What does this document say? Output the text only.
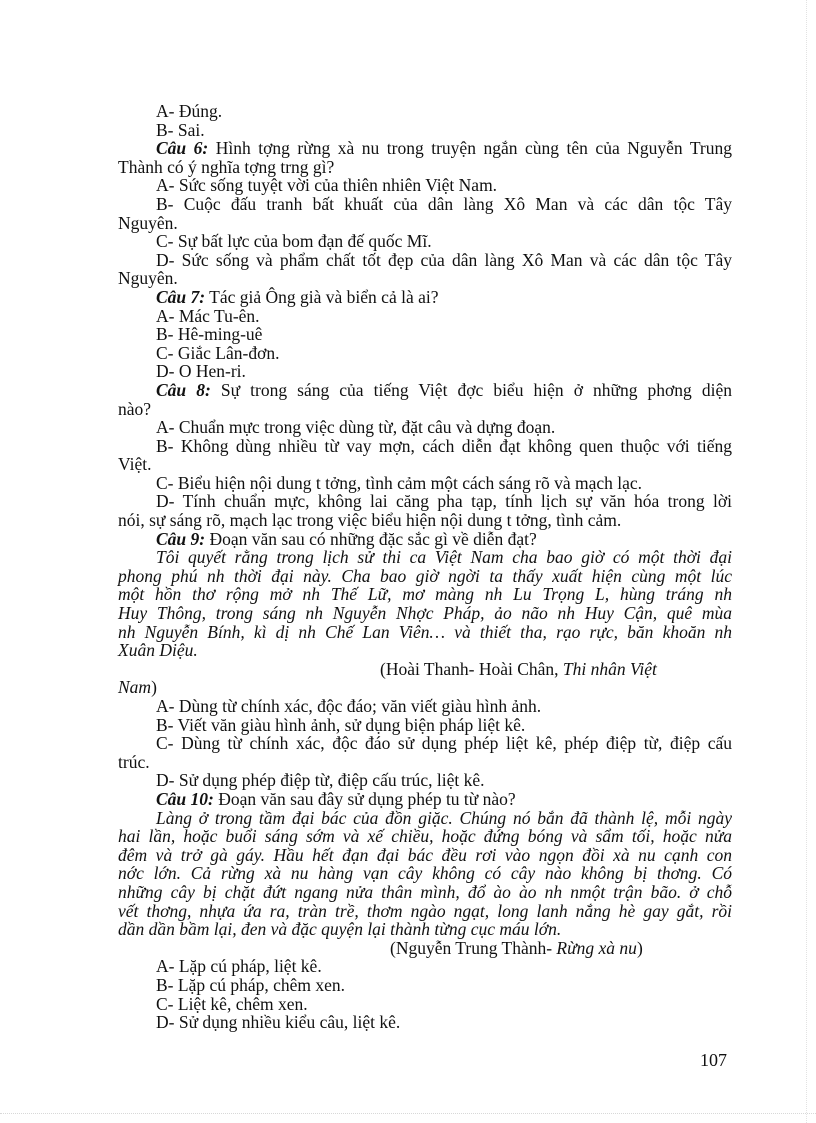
A- Đúng.
B- Sai.
Câu 6: Hình tợng rừng xà nu trong truyện ngắn cùng tên của Nguyễn Trung
Thành có ý nghĩa tợng trng gì?
A- Sức sống tuyệt vời của thiên nhiên Việt Nam.
B- Cuộc đấu tranh bất khuất của dân làng Xô Man và các dân tộc Tây
Nguyên.
C- Sự bất lực của bom đạn đế quốc Mĩ.
D- Sức sống và phẩm chất tốt đẹp của dân làng Xô Man và các dân tộc Tây
Nguyên.
Câu 7: Tác giả Ông già và biển cả là ai?
A- Mác Tu-ên.
B- Hê-ming-uê
C- Giắc Lân-đơn.
D- O Hen-ri.
Câu 8: Sự trong sáng của tiếng Việt đợc biểu hiện ở những phơng diện
nào?
A- Chuẩn mực trong việc dùng từ, đặt câu và dựng đoạn.
B- Không dùng nhiều từ vay mợn, cách diễn đạt không quen thuộc với tiếng
Việt.
C- Biểu hiện nội dung t tởng, tình cảm một cách sáng rõ và mạch lạc.
D- Tính chuẩn mực, không lai căng pha tạp, tính lịch sự văn hóa trong lời
nói, sự sáng rõ, mạch lạc trong việc biểu hiện nội dung t tởng, tình cảm.
Câu 9: Đoạn văn sau có những đặc sắc gì về diễn đạt?
Tôi quyết rằng trong lịch sử thi ca Việt Nam cha bao giờ có một thời đại
phong phú nh thời đại này. Cha bao giờ ngời ta thấy xuất hiện cùng một lúc
một hồn thơ rộng mở nh Thế Lữ, mơ màng nh Lu Trọng L, hùng tráng nh
Huy Thông, trong sáng nh Nguyễn Nhợc Pháp, ảo não nh Huy Cận, quê mùa
nh Nguyễn Bính, kì dị nh Chế Lan Viên… và thiết tha, rạo rực, băn khoăn nh
Xuân Diệu.
(Hoài Thanh- Hoài Chân, Thi nhân Việt
Nam)
A- Dùng từ chính xác, độc đáo; văn viết giàu hình ảnh.
B- Viết văn giàu hình ảnh, sử dụng biện pháp liệt kê.
C- Dùng từ chính xác, độc đáo sử dụng phép liệt kê, phép điệp từ, điệp cấu
trúc.
D- Sử dụng phép điệp từ, điệp cấu trúc, liệt kê.
Câu 10: Đoạn văn sau đây sử dụng phép tu từ nào?
Làng ở trong tầm đại bác của đồn giặc. Chúng nó bắn đã thành lệ, mỗi ngày
hai lần, hoặc buổi sáng sớm và xế chiều, hoặc đứng bóng và sẩm tối, hoặc nửa
đêm và trở gà gáy. Hầu hết đạn đại bác đều rơi vào ngọn đồi xà nu cạnh con
nớc lớn. Cả rừng xà nu hàng vạn cây không có cây nào không bị thơng. Có
những cây bị chặt đứt ngang nửa thân mình, đổ ào ào nh nmột trận bão. ở chỗ
vết thơng, nhựa ứa ra, tràn trề, thơm ngào ngạt, long lanh nắng hè gay gắt, rồi
dần dần bầm lại, đen và đặc quyện lại thành từng cục máu lớn.
(Nguyễn Trung Thành- Rừng xà nu)
A- Lặp cú pháp, liệt kê.
B- Lặp cú pháp, chêm xen.
C- Liệt kê, chêm xen.
D- Sử dụng nhiều kiểu câu, liệt kê.
107
